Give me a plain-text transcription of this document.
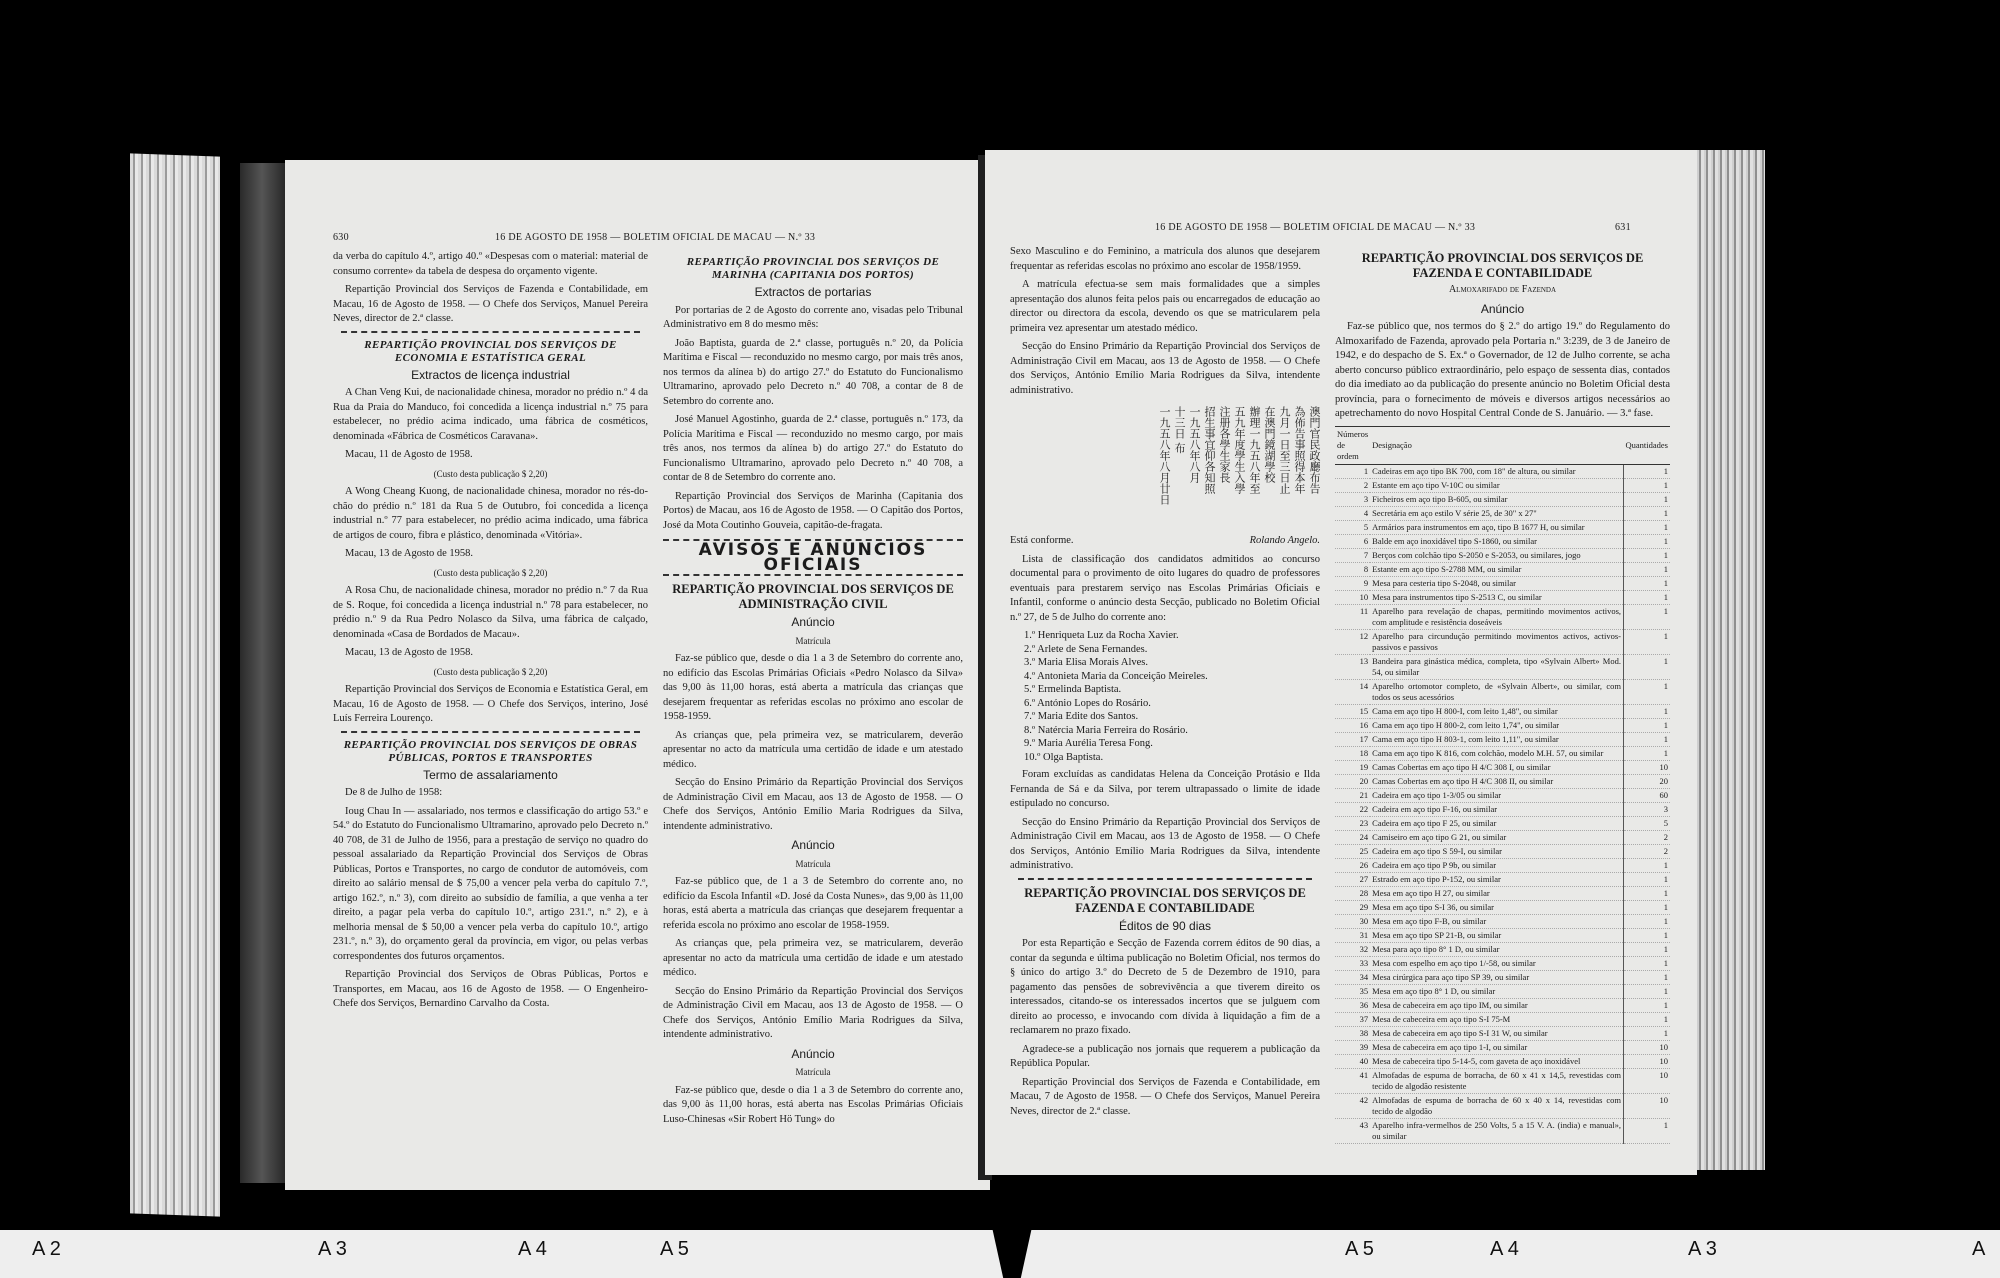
630	16 DE AGOSTO DE 1958 — BOLETIM OFICIAL DE MACAU — N.º 33

da verba do capítulo 4.º, artigo 40.º «Despesas com o material: material de consumo corrente» da tabela de despesa do orçamento vigente.

Repartição Provincial dos Serviços de Fazenda e Contabilidade, em Macau, 16 de Agosto de 1958. — O Chefe dos Serviços, Manuel Pereira Neves, director de 2.ª classe.

REPARTIÇÃO PROVINCIAL DOS SERVIÇOS DE ECONOMIA E ESTATÍSTICA GERAL
Extractos de licença industrial

A Chan Veng Kui, de nacionalidade chinesa, morador no prédio n.º 4 da Rua da Praia do Manduco, foi concedida a licença industrial n.º 75 para estabelecer, no prédio acima indicado, uma fábrica de cosméticos, denominada «Fábrica de Cosméticos Caravana».

Macau, 11 de Agosto de 1958.

(Custo desta publicação $ 2,20)

A Wong Cheang Kuong, de nacionalidade chinesa, morador no rés-do-chão do prédio n.º 181 da Rua 5 de Outubro, foi concedida a licença industrial n.º 77 para estabelecer, no prédio acima indicado, uma fábrica de artigos de couro, fibra e plástico, denominada «Vitória».

Macau, 13 de Agosto de 1958.

(Custo desta publicação $ 2,20)

A Rosa Chu, de nacionalidade chinesa, morador no prédio n.º 7 da Rua de S. Roque, foi concedida a licença industrial n.º 78 para estabelecer, no prédio n.º 9 da Rua Pedro Nolasco da Silva, uma fábrica de calçado, denominada «Casa de Bordados de Macau».

Macau, 13 de Agosto de 1958.

(Custo desta publicação $ 2,20)

Repartição Provincial dos Serviços de Economia e Estatística Geral, em Macau, 16 de Agosto de 1958. — O Chefe dos Serviços, interino, José Luís Ferreira Lourenço.

REPARTIÇÃO PROVINCIAL DOS SERVIÇOS DE OBRAS PÚBLICAS, PORTOS E TRANSPORTES
Termo de assalariamento

De 8 de Julho de 1958:

Ioug Chau In — assalariado, nos termos e classificação do artigo 53.º e 54.º do Estatuto do Funcionalismo Ultramarino, aprovado pelo Decreto n.º 40 708, de 31 de Julho de 1956, para a prestação de serviço no quadro do pessoal assalariado da Repartição Provincial dos Serviços de Obras Públicas, Portos e Transportes, no cargo de condutor de automóveis, com direito ao salário mensal de $ 75,00 a vencer pela verba do capítulo 7.º, artigo 162.º, n.º 3), com direito ao subsídio de família, a que venha a ter direito, a pagar pela verba do capítulo 10.º, artigo 231.º, n.º 2), e à melhoria mensal de $ 50,00 a vencer pela verba do capítulo 10.º, artigo 231.º, n.º 3), do orçamento geral da província, em vigor, ou pelas verbas correspondentes dos futuros orçamentos.

Repartição Provincial dos Serviços de Obras Públicas, Portos e Transportes, em Macau, aos 16 de Agosto de 1958. — O Engenheiro-Chefe dos Serviços, Bernardino Carvalho da Costa.

REPARTIÇÃO PROVINCIAL DOS SERVIÇOS DE MARINHA (CAPITANIA DOS PORTOS)
Extractos de portarias

Por portarias de 2 de Agosto do corrente ano, visadas pelo Tribunal Administrativo em 8 do mesmo mês:

João Baptista, guarda de 2.ª classe, português n.º 20, da Polícia Marítima e Fiscal — reconduzido no mesmo cargo, por mais três anos, nos termos da alínea b) do artigo 27.º do Estatuto do Funcionalismo Ultramarino, aprovado pelo Decreto n.º 40 708, a contar de 8 de Setembro do corrente ano.

José Manuel Agostinho, guarda de 2.ª classe, português n.º 173, da Polícia Marítima e Fiscal — reconduzido no mesmo cargo, por mais três anos, nos termos da alínea b) do artigo 27.º do Estatuto do Funcionalismo Ultramarino, aprovado pelo Decreto n.º 40 708, a contar de 8 de Setembro do corrente ano.

Repartição Provincial dos Serviços de Marinha (Capitania dos Portos) de Macau, aos 16 de Agosto de 1958. — O Capitão dos Portos, José da Mota Coutinho Gouveia, capitão-de-fragata.

AVISOS E ANÚNCIOS OFICIAIS
REPARTIÇÃO PROVINCIAL DOS SERVIÇOS DE ADMINISTRAÇÃO CIVIL
Anúncio
Matrícula

Faz-se público que, desde o dia 1 a 3 de Setembro do corrente ano, no edifício das Escolas Primárias Oficiais «Pedro Nolasco da Silva» das 9,00 às 11,00 horas, está aberta a matrícula das crianças que desejarem frequentar as referidas escolas no próximo ano escolar de 1958-1959.

As crianças que, pela primeira vez, se matricularem, deverão apresentar no acto da matrícula uma certidão de idade e um atestado médico.

Secção do Ensino Primário da Repartição Provincial dos Serviços de Administração Civil em Macau, aos 13 de Agosto de 1958. — O Chefe dos Serviços, António Emílio Maria Rodrigues da Silva, intendente administrativo.

Anúncio
Matrícula

Faz-se público que, de 1 a 3 de Setembro do corrente ano, no edifício da Escola Infantil «D. José da Costa Nunes», das 9,00 às 11,00 horas, está aberta a matrícula das crianças que desejarem frequentar a referida escola no próximo ano escolar de 1958-1959.

As crianças que, pela primeira vez, se matricularem, deverão apresentar no acto da matrícula uma certidão de idade e um atestado médico.

Secção do Ensino Primário da Repartição Provincial dos Serviços de Administração Civil em Macau, aos 13 de Agosto de 1958. — O Chefe dos Serviços, António Emílio Maria Rodrigues da Silva, intendente administrativo.

Anúncio
Matrícula

Faz-se público que, desde o dia 1 a 3 de Setembro do corrente ano, das 9,00 às 11,00 horas, está aberta nas Escolas Primárias Oficiais Luso-Chinesas «Sir Robert Hö Tung» do

16 DE AGOSTO DE 1958 — BOLETIM OFICIAL DE MACAU — N.º 33	631

Sexo Masculino e do Feminino, a matrícula dos alunos que desejarem frequentar as referidas escolas no próximo ano escolar de 1958/1959.

A matrícula efectua-se sem mais formalidades que a simples apresentação dos alunos feita pelos pais ou encarregados de educação ao director ou directora da escola, devendo os que se matricularem pela primeira vez apresentar um atestado médico.

Secção do Ensino Primário da Repartição Provincial dos Serviços de Administração Civil em Macau, aos 13 de Agosto de 1958. — O Chefe dos Serviços, António Emílio Maria Rodrigues da Silva, intendente administrativo.

澳門官民政廳布告
為佈告事照得本年
九月一日至三日止
在澳門鏡湖學校
辦理一九五八年至
五九年度學生入學
注册各學生家長
招生事宜仰各知照
一九五八年八月
十三日 布
一九五八年八月廿日

Está conforme.	Rolando Angelo.

Lista de classificação dos candidatos admitidos ao concurso documental para o provimento de oito lugares do quadro de professores eventuais para prestarem serviço nas Escolas Primárias Oficiais e Infantil, conforme o anúncio desta Secção, publicado no Boletim Oficial n.º 27, de 5 de Julho do corrente ano:

1.º Henriqueta Luz da Rocha Xavier.
2.º Arlete de Sena Fernandes.
3.º Maria Elisa Morais Alves.
4.º Antonieta Maria da Conceição Meireles.
5.º Ermelinda Baptista.
6.º António Lopes do Rosário.
7.º Maria Edite dos Santos.
8.º Natércia Maria Ferreira do Rosário.
9.º Maria Aurélia Teresa Fong.
10.º Olga Baptista.

Foram excluídas as candidatas Helena da Conceição Protásio e Ilda Fernanda de Sá e da Silva, por terem ultrapassado o limite de idade estipulado no concurso.

Secção do Ensino Primário da Repartição Provincial dos Serviços de Administração Civil em Macau, aos 13 de Agosto de 1958. — O Chefe dos Serviços, António Emílio Maria Rodrigues da Silva, intendente administrativo.

REPARTIÇÃO PROVINCIAL DOS SERVIÇOS DE FAZENDA E CONTABILIDADE
Éditos de 90 dias

Por esta Repartição e Secção de Fazenda correm éditos de 90 dias, a contar da segunda e última publicação no Boletim Oficial, nos termos do § único do artigo 3.º do Decreto de 5 de Dezembro de 1910, para pagamento das pensões de sobrevivência a que tiverem direito os interessados, citando-se os interessados incertos que se julguem com direito ao processo, e invocando com dívida à liquidação a fim de a reclamarem no prazo fixado.

Agradece-se a publicação nos jornais que requerem a publicação da República Popular.

Repartição Provincial dos Serviços de Fazenda e Contabilidade, em Macau, 7 de Agosto de 1958. — O Chefe dos Serviços, Manuel Pereira Neves, director de 2.ª classe.

REPARTIÇÃO PROVINCIAL DOS SERVIÇOS DE FAZENDA E CONTABILIDADE
Almoxarifado de Fazenda
Anúncio

Faz-se público que, nos termos do § 2.º do artigo 19.º do Regulamento do Almoxarifado de Fazenda, aprovado pela Portaria n.º 3:239, de 3 de Janeiro de 1942, e do despacho de S. Ex.ª o Governador, de 12 de Julho corrente, se acha aberto concurso público extraordinário, pelo espaço de sessenta dias, contados do dia imediato ao da publicação do presente anúncio no Boletim Oficial desta província, para o fornecimento de móveis e diversos artigos necessários ao apetrechamento do novo Hospital Central Conde de S. Januário. — 3.ª fase.

Números de ordem	Designação	Quantidades
1	Cadeiras em aço tipo BK 700, com 18" de altura, ou similar	1
2	Estante em aço tipo V-10C ou similar	1
3	Ficheiros em aço tipo B-605, ou similar	1
4	Secretária em aço estilo V série 25, de 30" x 27"	1
5	Armários para instrumentos em aço, tipo B 1677 H, ou similar	1
6	Balde em aço inoxidável tipo S-1860, ou similar	1
7	Berços com colchão tipo S-2050 e S-2053, ou similares, jogo	1
8	Estante em aço tipo S-2788 MM, ou similar	1
9	Mesa para cesteria tipo S-2048, ou similar	1
10	Mesa para instrumentos tipo S-2513 C, ou similar	1
11	Aparelho para revelação de chapas, permitindo movimentos activos, com amplitude e resistência doseáveis	1
12	Aparelho para circundução permitindo movimentos activos, activos-passivos e passivos	1
13	Bandeira para ginástica médica, completa, tipo «Sylvain Albert» Mod. 54, ou similar	1
14	Aparelho ortomotor completo, de «Sylvain Albert», ou similar, com todos os seus acessórios	1
15	Cama em aço tipo H 800-I, com leito 1,48", ou similar	1
16	Cama em aço tipo H 800-2, com leito 1,74", ou similar	1
17	Cama em aço tipo H 803-1, com leito 1,11", ou similar	1
18	Cama em aço tipo K 816, com colchão, modelo M.H. 57, ou similar	1
19	Camas Cobertas em aço tipo H 4/C 308 I, ou similar	10
20	Camas Cobertas em aço tipo H 4/C 308 II, ou similar	20
21	Cadeira em aço tipo 1-3/05 ou similar	60
22	Cadeira em aço tipo F-16, ou similar	3
23	Cadeira em aço tipo F 25, ou similar	5
24	Camiseiro em aço tipo G 21, ou similar	2
25	Cadeira em aço tipo S 59-I, ou similar	2
26	Cadeira em aço tipo P 9b, ou similar	1
27	Estrado em aço tipo P-152, ou similar	1
28	Mesa em aço tipo H 27, ou similar	1
29	Mesa em aço tipo S-I 36, ou similar	1
30	Mesa em aço tipo F-B, ou similar	1
31	Mesa em aço tipo SP 21-B, ou similar	1
32	Mesa para aço tipo 8° 1 D, ou similar	1
33	Mesa com espelho em aço tipo 1/-58, ou similar	1
34	Mesa cirúrgica para aço tipo SP 39, ou similar	1
35	Mesa em aço tipo 8° 1 D, ou similar	1
36	Mesa de cabeceira em aço tipo IM, ou similar	1
37	Mesa de cabeceira em aço tipo S-I 75-M	1
38	Mesa de cabeceira em aço tipo S-I 31 W, ou similar	1
39	Mesa de cabeceira em aço tipo 1-I, ou similar	10
40	Mesa de cabeceira tipo 5-14-5, com gaveta de aço inoxidável	10
41	Almofadas de espuma de borracha, de 60 x 41 x 14,5, revestidas com tecido de algodão resistente	10
42	Almofadas de espuma de borracha de 60 x 40 x 14, revestidas com tecido de algodão	10
43	Aparelho infra-vermelhos de 250 Volts, 5 a 15 V. A. (india) e manual», ou similar	1
A 2	A 3	A 4	A 5	A 5	A 4	A 3	A
